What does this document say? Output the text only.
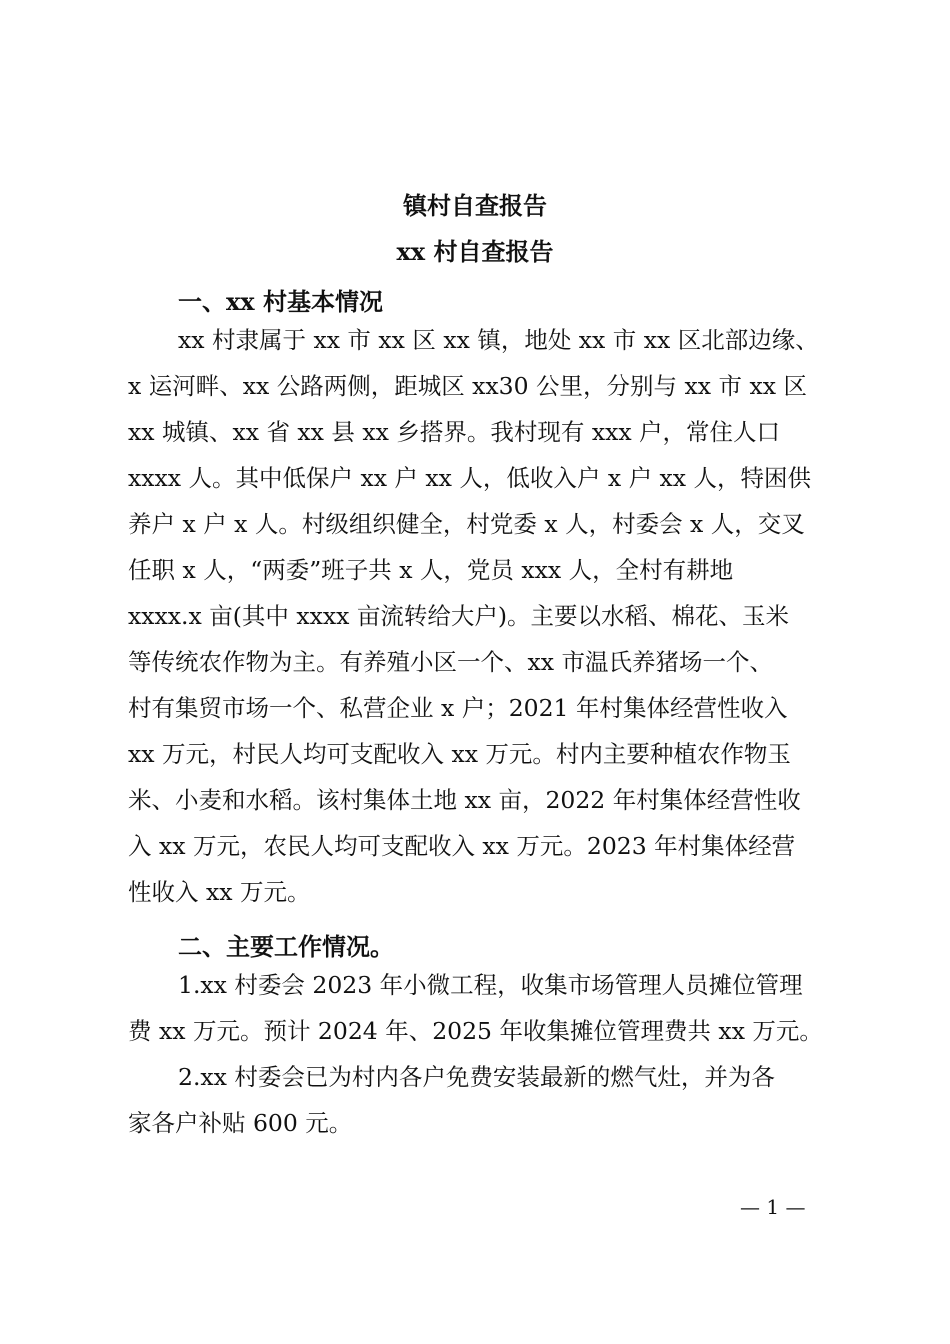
镇村自查报告
xx 村自查报告
一、xx 村基本情况
xx 村隶属于 xx 市 xx 区 xx 镇，地处 xx 市 xx 区北部边缘、
x 运河畔、xx 公路两侧，距城区 xx30 公里，分别与 xx 市 xx 区
xx 城镇、xx 省 xx 县 xx 乡搭界。我村现有 xxx 户，常住人口
xxxx 人。其中低保户 xx 户 xx 人，低收入户 x 户 xx 人，特困供
养户 x 户 x 人。村级组织健全，村党委 x 人，村委会 x 人，交叉
任职 x 人，“两委”班子共 x 人，党员 xxx 人，全村有耕地
xxxx.x 亩(其中 xxxx 亩流转给大户)。主要以水稻、棉花、玉米
等传统农作物为主。有养殖小区一个、xx 市温氏养猪场一个、
村有集贸市场一个、私营企业 x 户；2021 年村集体经营性收入
xx 万元，村民人均可支配收入 xx 万元。村内主要种植农作物玉
米、小麦和水稻。该村集体土地 xx 亩，2022 年村集体经营性收
入 xx 万元，农民人均可支配收入 xx 万元。2023 年村集体经营
性收入 xx 万元。
二、主要工作情况。
1.xx 村委会 2023 年小微工程，收集市场管理人员摊位管理
费 xx 万元。预计 2024 年、2025 年收集摊位管理费共 xx 万元。
2.xx 村委会已为村内各户免费安装最新的燃气灶，并为各
家各户补贴 600 元。
— 1 —
